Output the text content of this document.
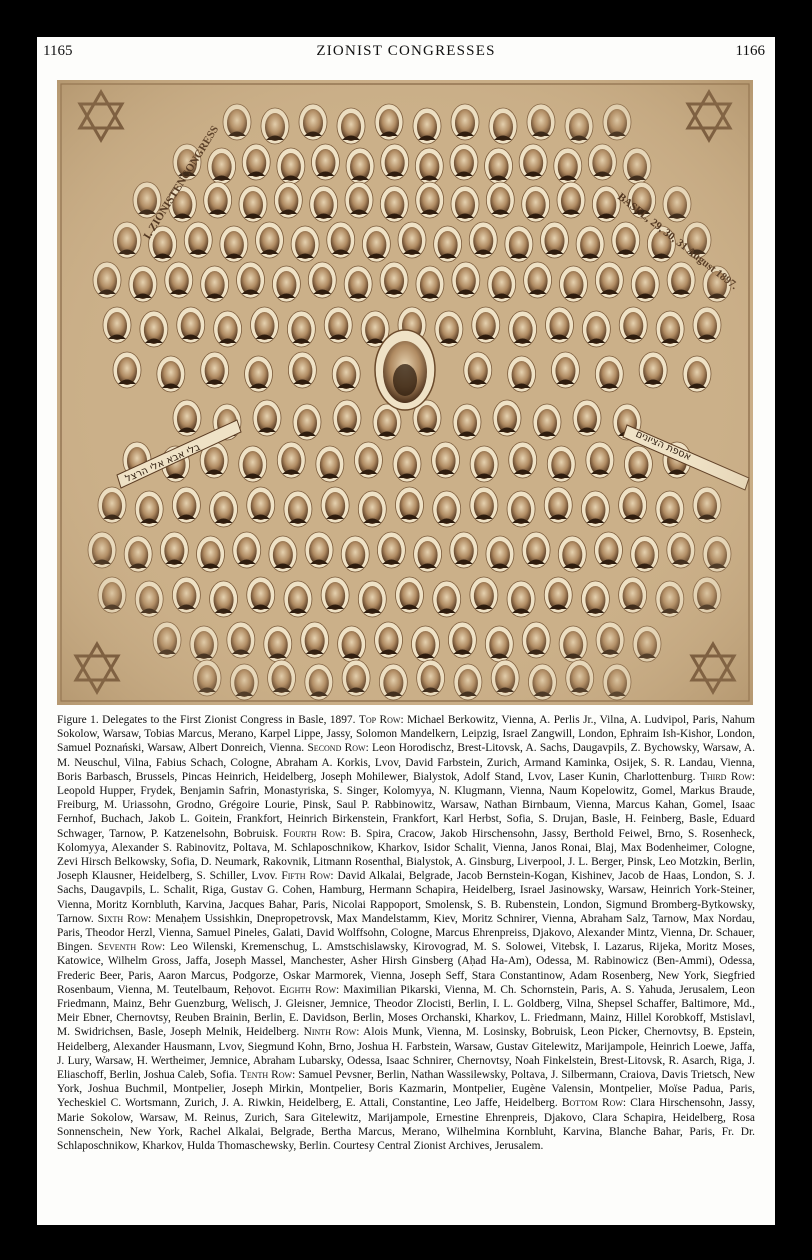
1165	ZIONIST CONGRESSES	1166
Figure 1. Delegates to the First Zionist Congress in Basle, 1897. Top Row: Michael Berkowitz, Vienna, A. Perlis Jr., Vilna, A. Ludvipol, Paris, Nahum Sokolow, Warsaw, Tobias Marcus, Merano, Karpel Lippe, Jassy, Solomon Mandelkern, Leipzig, Israel Zangwill, London, Ephraim Ish-Kishor, London, Samuel Poznański, Warsaw, Albert Donreich, Vienna. Second Row: Leon Horodischz, Brest-Litovsk, A. Sachs, Daugavpils, Z. Bychowsky, Warsaw, A. M. Neuschul, Vilna, Fabius Schach, Cologne, Abraham A. Korkis, Lvov, David Farbstein, Zurich, Armand Kaminka, Osijek, S. R. Landau, Vienna, Boris Barbasch, Brussels, Pincas Heinrich, Heidelberg, Joseph Mohilewer, Bialystok, Adolf Stand, Lvov, Laser Kunin, Charlottenburg. Third Row: Leopold Hupper, Frydek, Benjamin Safrin, Monastyriska, S. Singer, Kolomyya, N. Klugmann, Vienna, Naum Kopelowitz, Gomel, Markus Braude, Freiburg, M. Uriassohn, Grodno, Grégoire Lourie, Pinsk, Saul P. Rabbinowitz, Warsaw, Nathan Birnbaum, Vienna, Marcus Kahan, Gomel, Isaac Fernhof, Buchach, Jakob L. Goitein, Frankfort, Heinrich Birkenstein, Frankfort, Karl Herbst, Sofia, S. Drujan, Basle, H. Feinberg, Basle, Eduard Schwager, Tarnow, P. Katzenelsohn, Bobruisk. Fourth Row: B. Spira, Cracow, Jakob Hirschensohn, Jassy, Berthold Feiwel, Brno, S. Rosenheck, Kolomyya, Alexander S. Rabinovitz, Poltava, M. Schlaposchnikow, Kharkov, Isidor Schalit, Vienna, Janos Ronai, Blaj, Max Bodenheimer, Cologne, Zevi Hirsch Belkowsky, Sofia, D. Neumark, Rakovnik, Litmann Rosenthal, Bialystok, A. Ginsburg, Liverpool, J. L. Berger, Pinsk, Leo Motzkin, Berlin, Joseph Klausner, Heidelberg, S. Schiller, Lvov. Fifth Row: David Alkalai, Belgrade, Jacob Bernstein-Kogan, Kishinev, Jacob de Haas, London, S. J. Sachs, Daugavpils, L. Schalit, Riga, Gustav G. Cohen, Hamburg, Hermann Schapira, Heidelberg, Israel Jasinowsky, Warsaw, Heinrich York-Steiner, Vienna, Moritz Kornbluth, Karvina, Jacques Bahar, Paris, Nicolai Rappoport, Smolensk, S. B. Rubenstein, London, Sigmund Bromberg-Bytkowsky, Tarnow. Sixth Row: Menaḥem Ussishkin, Dnepropetrovsk, Max Mandelstamm, Kiev, Moritz Schnirer, Vienna, Abraham Salz, Tarnow, Max Nordau, Paris, Theodor Herzl, Vienna, Samuel Pineles, Galati, David Wolffsohn, Cologne, Marcus Ehrenpreiss, Djakovo, Alexander Mintz, Vienna, Dr. Schauer, Bingen. Seventh Row: Leo Wilenski, Kremenschug, L. Amstschislawsky, Kirovograd, M. S. Solowei, Vitebsk, I. Lazarus, Rijeka, Moritz Moses, Katowice, Wilhelm Gross, Jaffa, Joseph Massel, Manchester, Asher Hirsh Ginsberg (Aḥad Ha-Am), Odessa, M. Rabinowicz (Ben-Ammi), Odessa, Frederic Beer, Paris, Aaron Marcus, Podgorze, Oskar Marmorek, Vienna, Joseph Seff, Stara Constantinow, Adam Rosenberg, New York, Siegfried Rosenbaum, Vienna, M. Teutelbaum, Reḥovot. Eighth Row: Maximilian Pikarski, Vienna, M. Ch. Schornstein, Paris, A. S. Yahuda, Jerusalem, Leon Friedmann, Mainz, Behr Guenzburg, Welisch, J. Gleisner, Jemnice, Theodor Zlocisti, Berlin, I. L. Goldberg, Vilna, Shepsel Schaffer, Baltimore, Md., Meir Ebner, Chernovtsy, Reuben Brainin, Berlin, E. Davidson, Berlin, Moses Orchanski, Kharkov, L. Friedmann, Mainz, Hillel Korobkoff, Mstislavl, M. Swidrichsen, Basle, Joseph Melnik, Heidelberg. Ninth Row: Alois Munk, Vienna, M. Losinsky, Bobruisk, Leon Picker, Chernovtsy, B. Epstein, Heidelberg, Alexander Hausmann, Lvov, Siegmund Kohn, Brno, Joshua H. Farbstein, Warsaw, Gustav Gitelewitz, Marijampole, Heinrich Loewe, Jaffa, J. Lury, Warsaw, H. Wertheimer, Jemnice, Abraham Lubarsky, Odessa, Isaac Schnirer, Chernovtsy, Noah Finkelstein, Brest-Litovsk, R. Asarch, Riga, J. Eliaschoff, Berlin, Joshua Caleb, Sofia. Tenth Row: Samuel Pevsner, Berlin, Nathan Wassilewsky, Poltava, J. Silbermann, Craiova, Davis Trietsch, New York, Joshua Buchmil, Montpelier, Joseph Mirkin, Montpelier, Boris Kazmarin, Montpelier, Eugène Valensin, Montpelier, Moïse Padua, Paris, Yecheskiel C. Wortsmann, Zurich, J. A. Riwkin, Heidelberg, E. Attali, Constantine, Leo Jaffe, Heidelberg. Bottom Row: Clara Hirschensohn, Jassy, Marie Sokolow, Warsaw, M. Reinus, Zurich, Sara Gitelewitz, Marijampole, Ernestine Ehrenpreis, Djakovo, Clara Schapira, Heidelberg, Rosa Sonnenschein, New York, Rachel Alkalai, Belgrade, Bertha Marcus, Merano, Wilhelmina Kornbluht, Karvina, Blanche Bahar, Paris, Fr. Dr. Schlaposchnikow, Kharkov, Hulda Thomaschewsky, Berlin. Courtesy Central Zionist Archives, Jerusalem.
